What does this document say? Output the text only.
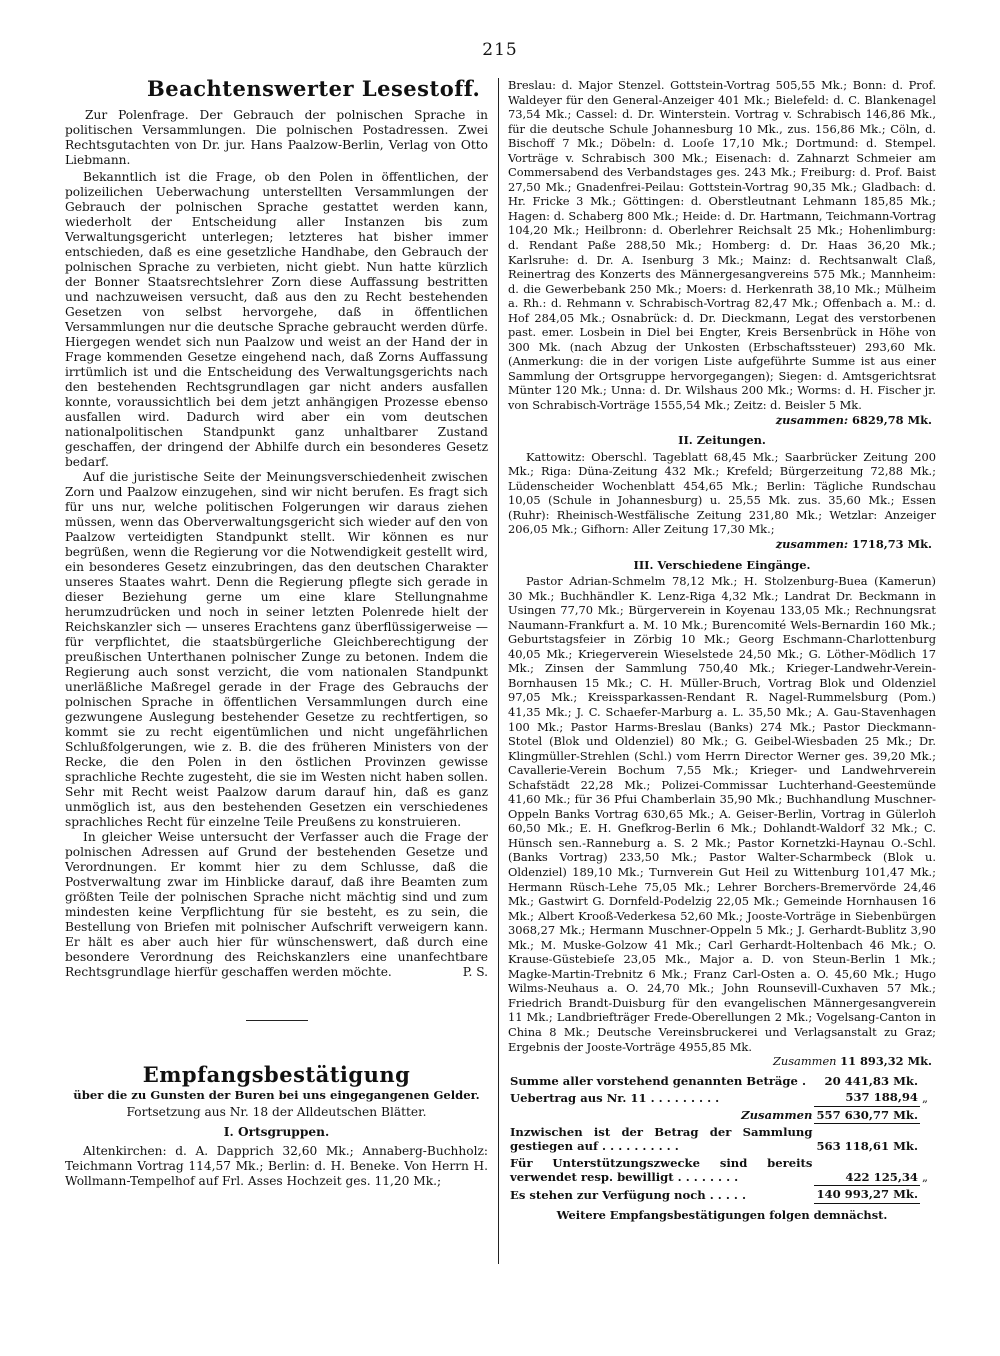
215
Beachtenswerter Lesestoff.

Zur Polenfrage. Der Gebrauch der polnischen Sprache in politischen Versammlungen. Die polnischen Postadressen. Zwei Rechtsgutachten von Dr. jur. Hans Paalzow-Berlin, Verlag von Otto Liebmann.

Bekanntlich ist die Frage, ob den Polen in öffentlichen, der polizeilichen Ueberwachung unterstellten Versammlungen der Gebrauch der polnischen Sprache gestattet werden kann, wiederholt der Entscheidung aller Instanzen bis zum Verwaltungsgericht unterlegen; letzteres hat bisher immer entschieden, daß es eine gesetzliche Handhabe, den Gebrauch der polnischen Sprache zu verbieten, nicht giebt. Nun hatte kürzlich der Bonner Staatsrechtslehrer Zorn diese Auffassung bestritten und nachzuweisen versucht, daß aus den zu Recht bestehenden Gesetzen von selbst hervorgehe, daß in öffentlichen Versammlungen nur die deutsche Sprache gebraucht werden dürfe. Hiergegen wendet sich nun Paalzow und weist an der Hand der in Frage kommenden Gesetze eingehend nach, daß Zorns Auffassung irrtümlich ist und die Entscheidung des Verwaltungsgerichts nach den bestehenden Rechtsgrundlagen gar nicht anders ausfallen konnte, voraussichtlich bei dem jetzt anhängigen Prozesse ebenso ausfallen wird. Dadurch wird aber ein vom deutschen nationalpolitischen Standpunkt ganz unhaltbarer Zustand geschaffen, der dringend der Abhilfe durch ein besonderes Gesetz bedarf.

Auf die juristische Seite der Meinungsverschiedenheit zwischen Zorn und Paalzow einzugehen, sind wir nicht berufen. Es fragt sich für uns nur, welche politischen Folgerungen wir daraus ziehen müssen, wenn das Oberverwaltungsgericht sich wieder auf den von Paalzow verteidigten Standpunkt stellt. Wir können es nur begrüßen, wenn die Regierung vor die Notwendigkeit gestellt wird, ein besonderes Gesetz einzubringen, das den deutschen Charakter unseres Staates wahrt. Denn die Regierung pflegte sich gerade in dieser Beziehung gerne um eine klare Stellungnahme herumzudrücken und noch in seiner letzten Polenrede hielt der Reichskanzler sich — unseres Erachtens ganz überflüssigerweise — für verpflichtet, die staatsbürgerliche Gleichberechtigung der preußischen Unterthanen polnischer Zunge zu betonen. Indem die Regierung auch sonst verzicht, die vom nationalen Standpunkt unerläßliche Maßregel gerade in der Frage des Gebrauchs der polnischen Sprache in öffentlichen Versammlungen durch eine gezwungene Auslegung bestehender Gesetze zu rechtfertigen, so kommt sie zu recht eigentümlichen und nicht ungefährlichen Schlußfolgerungen, wie z. B. die des früheren Ministers von der Recke, die den Polen in den östlichen Provinzen gewisse sprachliche Rechte zugesteht, die sie im Westen nicht haben sollen. Sehr mit Recht weist Paalzow darum darauf hin, daß es ganz unmöglich ist, aus den bestehenden Gesetzen ein verschiedenes sprachliches Recht für einzelne Teile Preußens zu konstruieren.

In gleicher Weise untersucht der Verfasser auch die Frage der polnischen Adressen auf Grund der bestehenden Gesetze und Verordnungen. Er kommt hier zu dem Schlusse, daß die Postverwaltung zwar im Hinblicke darauf, daß ihre Beamten zum größten Teile der polnischen Sprache nicht mächtig sind und zum mindesten keine Verpflichtung für sie besteht, es zu sein, die Bestellung von Briefen mit polnischer Aufschrift verweigern kann. Er hält es aber auch hier für wünschenswert, daß durch eine besondere Verordnung des Reichskanzlers eine unanfechtbare Rechtsgrundlage hierfür geschaffen werden möchte.	P. S.

Empfangsbestätigung
über die zu Gunsten der Buren bei uns eingegangenen Gelder.
Fortsetzung aus Nr. 18 der Alldeutschen Blätter.
I. Ortsgruppen.

Altenkirchen: d. A. Dapprich 32,60 Mk.; Annaberg-Buchholz: Teichmann Vortrag 114,57 Mk.; Berlin: d. H. Beneke. Von Herrn H. Wollmann-Tempelhof auf Frl. Asses Hochzeit ges. 11,20 Mk.;

Breslau: d. Major Stenzel. Gottstein-Vortrag 505,55 Mk.; Bonn: d. Prof. Waldeyer für den General-Anzeiger 401 Mk.; Bielefeld: d. C. Blankenagel 73,54 Mk.; Cassel: d. Dr. Winterstein. Vortrag v. Schrabisch 146,86 Mk., für die deutsche Schule Johannesburg 10 Mk., zus. 156,86 Mk.; Cöln, d. Bischoff 7 Mk.; Döbeln: d. Looſe 17,10 Mk.; Dortmund: d. Stempel. Vorträge v. Schrabisch 300 Mk.; Eisenach: d. Zahnarzt Schmeier am Commersabend des Verbandstages ges. 243 Mk.; Freiburg: d. Prof. Baist 27,50 Mk.; Gnadenfrei-Peilau: Gottstein-Vortrag 90,35 Mk.; Gladbach: d. Hr. Fricke 3 Mk.; Göttingen: d. Oberstleutnant Lehmann 185,85 Mk.; Hagen: d. Schaberg 800 Mk.; Heide: d. Dr. Hartmann, Teichmann-Vortrag 104,20 Mk.; Heilbronn: d. Oberlehrer Reichsalt 25 Mk.; Hohenlimburg: d. Rendant Paße 288,50 Mk.; Homberg: d. Dr. Haas 36,20 Mk.; Karlsruhe: d. Dr. A. Isenburg 3 Mk.; Mainz: d. Rechtsanwalt Claß, Reinertrag des Konzerts des Männergesangvereins 575 Mk.; Mannheim: d. die Gewerbebank 250 Mk.; Moers: d. Herkenrath 38,10 Mk.; Mülheim a. Rh.: d. Rehmann v. Schrabisch-Vortrag 82,47 Mk.; Offenbach a. M.: d. Hof 284,05 Mk.; Osnabrück: d. Dr. Dieckmann, Legat des verstorbenen past. emer. Losbein in Diel bei Engter, Kreis Bersenbrück in Höhe von 300 Mk. (nach Abzug der Unkosten (Erbschaftssteuer) 293,60 Mk. (Anmerkung: die in der vorigen Liste aufgeführte Summe ist aus einer Sammlung der Ortsgruppe hervorgegangen); Siegen: d. Amtsgerichtsrat Münter 120 Mk.; Unna: d. Dr. Wilshaus 200 Mk.; Worms: d. H. Fischer jr. von Schrabisch-Vorträge 1555,54 Mk.; Zeitz: d. Beisler 5 Mk.

zusammen: 6829,78 Mk.
II. Zeitungen.

Kattowitz: Oberschl. Tageblatt 68,45 Mk.; Saarbrücker Zeitung 200 Mk.; Riga: Düna-Zeitung 432 Mk.; Krefeld; Bürgerzeitung 72,88 Mk.; Lüdenscheider Wochenblatt 454,65 Mk.; Berlin: Tägliche Rundschau 10,05 (Schule in Johannesburg) u. 25,55 Mk. zus. 35,60 Mk.; Essen (Ruhr): Rheinisch-Westfälische Zeitung 231,80 Mk.; Wetzlar: Anzeiger 206,05 Mk.; Gifhorn: Aller Zeitung 17,30 Mk.;

zusammen: 1718,73 Mk.
III. Verschiedene Eingänge.

Pastor Adrian-Schmelm 78,12 Mk.; H. Stolzenburg-Buea (Kamerun) 30 Mk.; Buchhändler K. Lenz-Riga 4,32 Mk.; Landrat Dr. Beckmann in Usingen 77,70 Mk.; Bürgerverein in Koyenau 133,05 Mk.; Rechnungsrat Naumann-Frankfurt a. M. 10 Mk.; Burencomité Wels-Bernardin 160 Mk.; Geburtstagsfeier in Zörbig 10 Mk.; Georg Eschmann-Charlottenburg 40,05 Mk.; Kriegerverein Wieselstede 24,50 Mk.; G. Löther-Mödlich 17 Mk.; Zinsen der Sammlung 750,40 Mk.; Krieger-Landwehr-Verein-Bornhausen 15 Mk.; C. H. Müller-Bruch, Vortrag Blok und Oldenziel 97,05 Mk.; Kreissparkassen-Rendant R. Nagel-Rummelsburg (Pom.) 41,35 Mk.; J. C. Schaefer-Marburg a. L. 35,50 Mk.; A. Gau-Stavenhagen 100 Mk.; Pastor Harms-Breslau (Banks) 274 Mk.; Pastor Dieckmann-Stotel (Blok und Oldenziel) 80 Mk.; G. Geibel-Wiesbaden 25 Mk.; Dr. Klingmüller-Strehlen (Schl.) vom Herrn Director Werner ges. 39,20 Mk.; Cavallerie-Verein Bochum 7,55 Mk.; Krieger- und Landwehrverein Schafstädt 22,28 Mk.; Polizei-Commissar Luchterhand-Geestemünde 41,60 Mk.; für 36 Pfui Chamberlain 35,90 Mk.; Buchhandlung Muschner-Oppeln Banks Vortrag 630,65 Mk.; A. Geiser-Berlin, Vortrag in Gülerloh 60,50 Mk.; E. H. Gnefkrog-Berlin 6 Mk.; Dohlandt-Waldorf 32 Mk.; C. Hünsch sen.-Ranneburg a. S. 2 Mk.; Pastor Kornetzki-Haynau O.-Schl. (Banks Vortrag) 233,50 Mk.; Pastor Walter-Scharmbeck (Blok u. Oldenziel) 189,10 Mk.; Turnverein Gut Heil zu Wittenburg 101,47 Mk.; Hermann Rüsch-Lehe 75,05 Mk.; Lehrer Borchers-Bremervörde 24,46 Mk.; Gastwirt G. Dornfeld-Podelzig 22,05 Mk.; Gemeinde Hornhausen 16 Mk.; Albert Krooß-Vederkesa 52,60 Mk.; Jooste-Vorträge in Siebenbürgen 3068,27 Mk.; Hermann Muschner-Oppeln 5 Mk.; J. Gerhardt-Bublitz 3,90 Mk.; M. Muske-Golzow 41 Mk.; Carl Gerhardt-Holtenbach 46 Mk.; O. Krause-Güstebieſe 23,05 Mk., Major a. D. von Steun-Berlin 1 Mk.; Magke-Martin-Trebnitz 6 Mk.; Franz Carl-Osten a. O. 45,60 Mk.; Hugo Wilms-Neuhaus a. O. 24,70 Mk.; John Rounsevill-Cuxhaven 57 Mk.; Friedrich Brandt-Duisburg für den evangelischen Männergesangverein 11 Mk.; Landbriefträger Frede-Oberellungen 2 Mk.; Vogelsang-Canton in China 8 Mk.; Deutsche Vereinsbruckerei und Verlagsanstalt zu Graz; Ergebnis der Jooste-Vorträge 4955,85 Mk.

Zusammen 11 893,32 Mk.
Summe aller vorstehend genannten Beträge .	20 441,83 Mk.	
Uebertrag aus Nr. 11 . . . . . . . . .	537 188,94	„
Zusammen	557 630,77 Mk.	
Inzwischen ist der Betrag der Sammlung gestiegen auf . . . . . . . . . .	563 118,61 Mk.	
Für Unterstützungszwecke sind bereits verwendet resp. bewilligt . . . . . . . .	422 125,34	„
Es stehen zur Verfügung noch . . . . .	140 993,27 Mk.	
Weitere Empfangsbestätigungen folgen demnächst.
